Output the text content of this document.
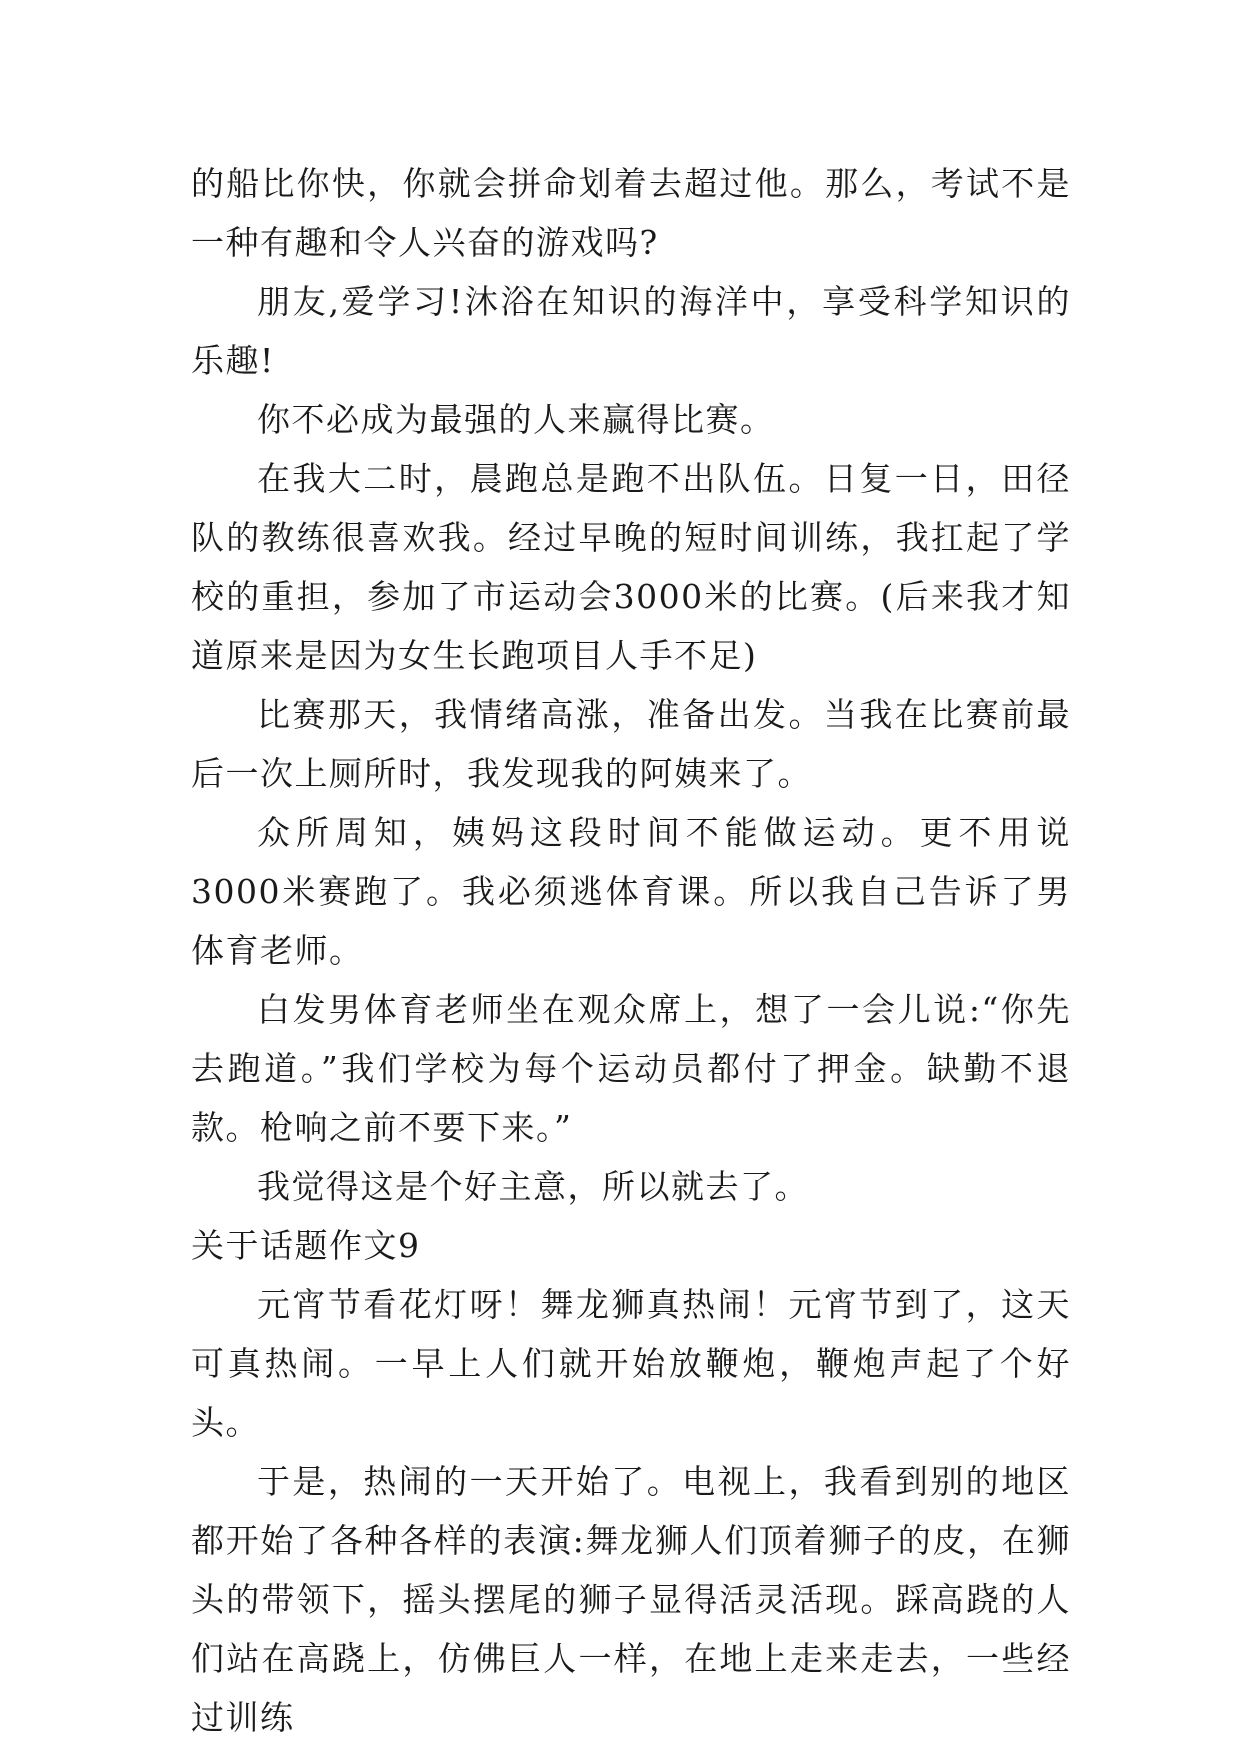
的船比你快，你就会拼命划着去超过他。那么，考试不是一种有趣和令人兴奋的游戏吗?

朋友,爱学习!沐浴在知识的海洋中，享受科学知识的乐趣!

你不必成为最强的人来赢得比赛。

在我大二时，晨跑总是跑不出队伍。日复一日，田径队的教练很喜欢我。经过早晚的短时间训练，我扛起了学校的重担，参加了市运动会3000米的比赛。(后来我才知道原来是因为女生长跑项目人手不足)

比赛那天，我情绪高涨，准备出发。当我在比赛前最后一次上厕所时，我发现我的阿姨来了。

众所周知，姨妈这段时间不能做运动。更不用说3000米赛跑了。我必须逃体育课。所以我自己告诉了男体育老师。

白发男体育老师坐在观众席上，想了一会儿说:“你先去跑道。”我们学校为每个运动员都付了押金。缺勤不退款。枪响之前不要下来。”

我觉得这是个好主意，所以就去了。

关于话题作文9

元宵节看花灯呀！舞龙狮真热闹！元宵节到了，这天可真热闹。一早上人们就开始放鞭炮，鞭炮声起了个好头。

于是，热闹的一天开始了。电视上，我看到别的地区都开始了各种各样的表演:舞龙狮人们顶着狮子的皮，在狮头的带领下，摇头摆尾的狮子显得活灵活现。踩高跷的人们站在高跷上，仿佛巨人一样，在地上走来走去，一些经过训练
